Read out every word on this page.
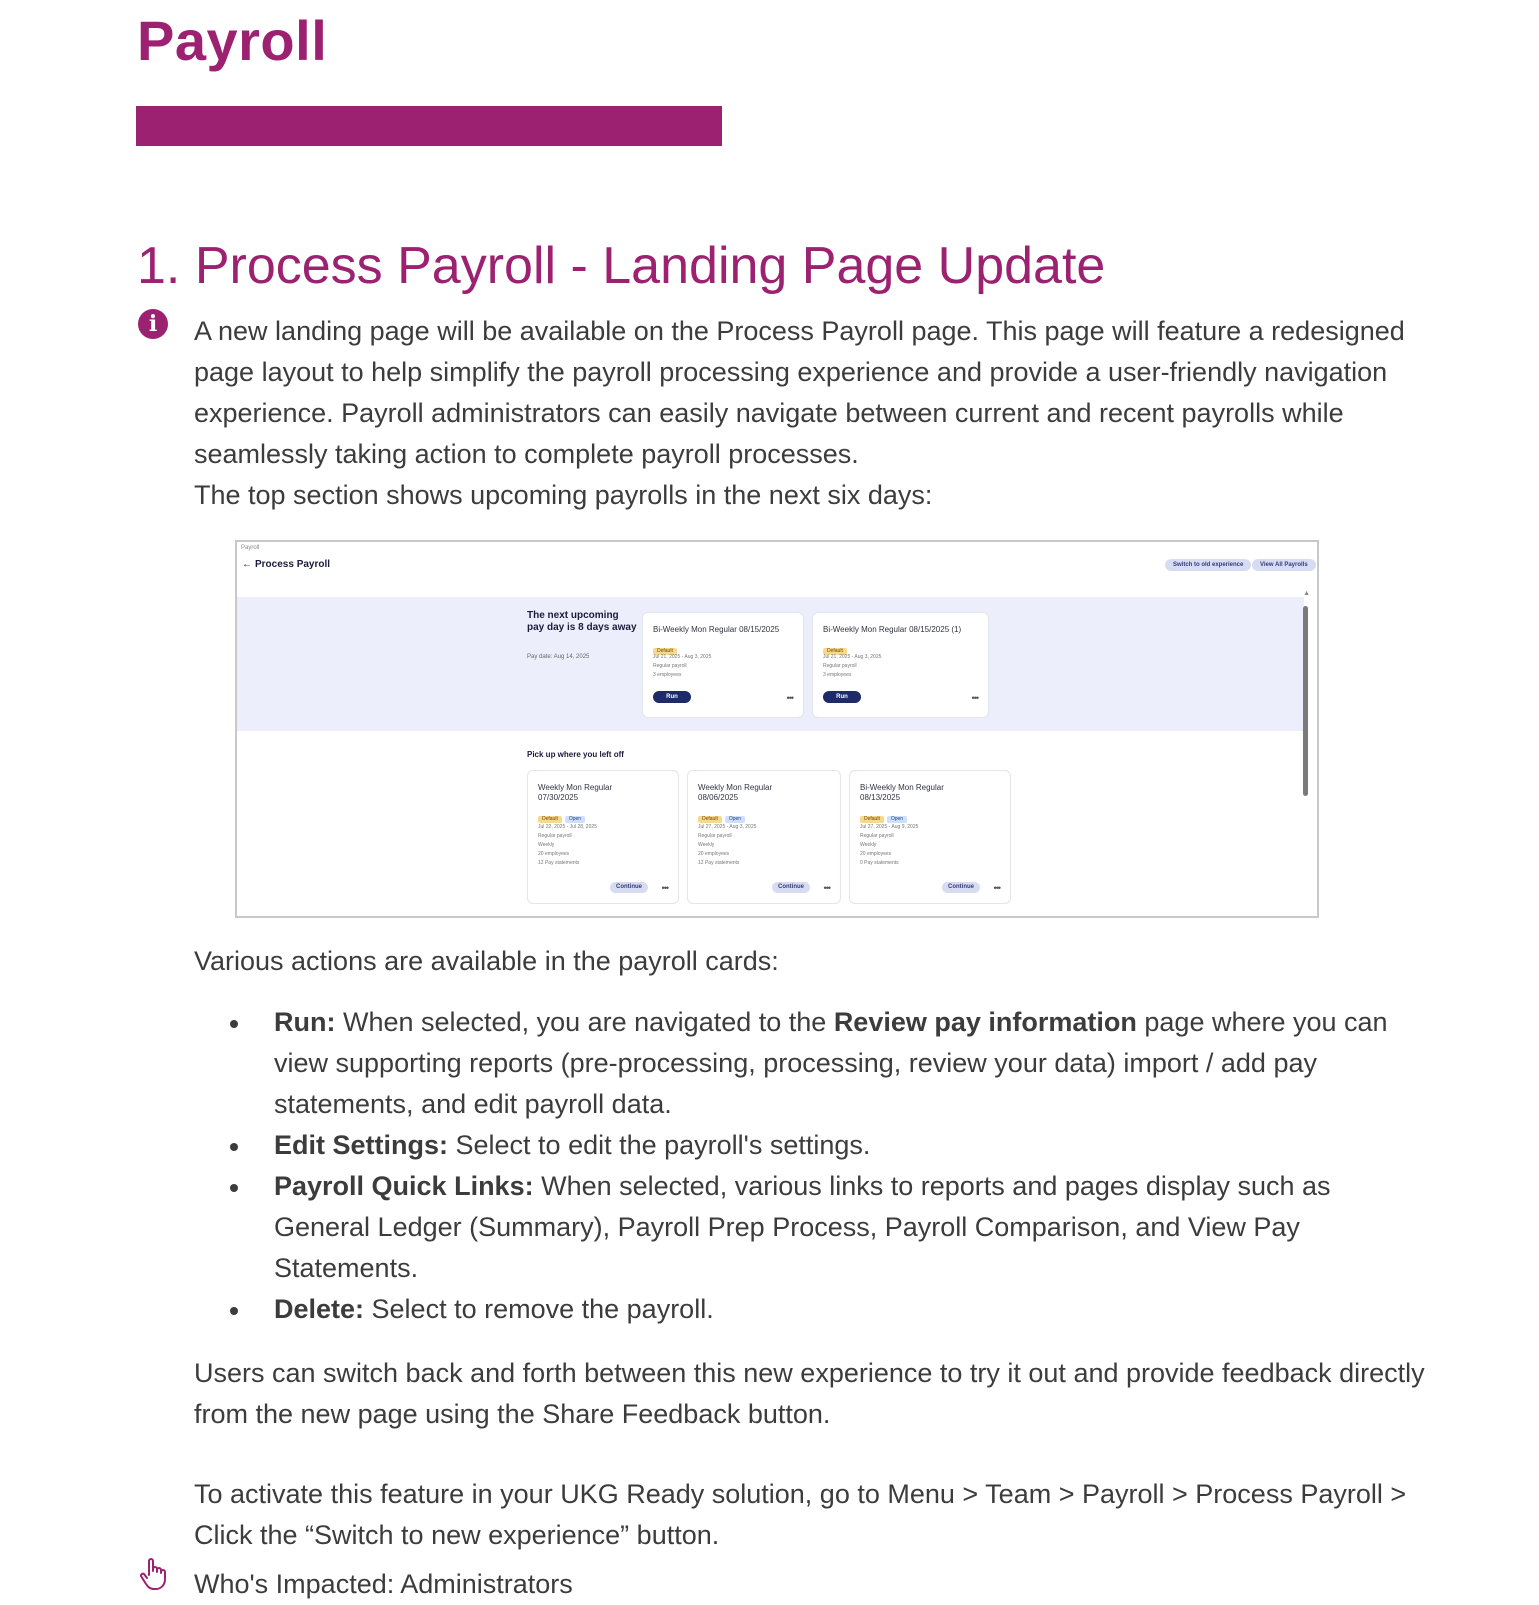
Payroll
1. Process Payroll - Landing Page Update
i	A new landing page will be available on the Process Payroll page. This page will feature a redesigned page layout to help simplify the payroll processing experience and provide a user-friendly navigation experience. Payroll administrators can easily navigate between current and recent payrolls while seamlessly taking action to complete payroll processes.

The top section shows upcoming payrolls in the next six days:

Payroll
← Process Payroll	Switch to old experience	View All Payrolls
▲
The next upcoming pay day is 8 days away
Pay date: Aug 14, 2025
Bi-Weekly Mon Regular 08/15/2025
Default
Jul 21, 2025 - Aug 3, 2025
Regular payroll
3 employees
Run	•••
Bi-Weekly Mon Regular 08/15/2025 (1)
Default
Jul 21, 2025 - Aug 3, 2025
Regular payroll
3 employees
Run	•••
Pick up where you left off
Weekly Mon Regular
07/30/2025
Default Open
Jul 22, 2025 - Jul 28, 2025
Regular payroll
Weekly
20 employees
12 Pay statements
Continue	•••
Weekly Mon Regular
08/06/2025
Default Open
Jul 27, 2025 - Aug 3, 2025
Regular payroll
Weekly
20 employees
12 Pay statements
Continue	•••
Bi-Weekly Mon Regular
08/13/2025
Default Open
Jul 27, 2025 - Aug 9, 2025
Regular payroll
Weekly
20 employees
0 Pay statements
Continue	•••

Various actions are available in the payroll cards:

Run: When selected, you are navigated to the Review pay information page where you can view supporting reports (pre-processing, processing, review your data) import / add pay statements, and edit payroll data.
Edit Settings: Select to edit the payroll's settings.
Payroll Quick Links: When selected, various links to reports and pages display such as General Ledger (Summary), Payroll Prep Process, Payroll Comparison, and View Pay Statements.
Delete: Select to remove the payroll.

Users can switch back and forth between this new experience to try it out and provide feedback directly from the new page using the Share Feedback button.

To activate this feature in your UKG Ready solution, go to Menu > Team > Payroll > Process Payroll > Click the “Switch to new experience” button.

Who's Impacted: Administrators
